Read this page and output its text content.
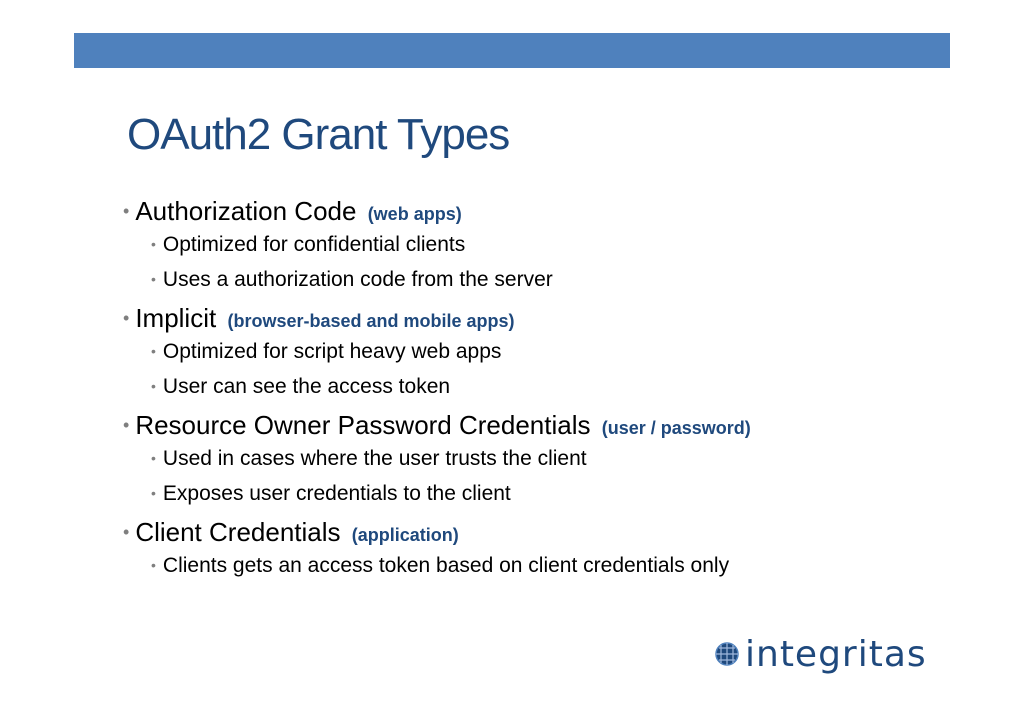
OAuth2 Grant Types
• Authorization Code (web apps)
• Optimized for confidential clients
• Uses a authorization code from the server
• Implicit (browser-based and mobile apps)
• Optimized for script heavy web apps
• User can see the access token
• Resource Owner Password Credentials (user / password)
• Used in cases where the user trusts the client
• Exposes user credentials to the client
• Client Credentials (application)
• Clients gets an access token based on client credentials only
integritas
